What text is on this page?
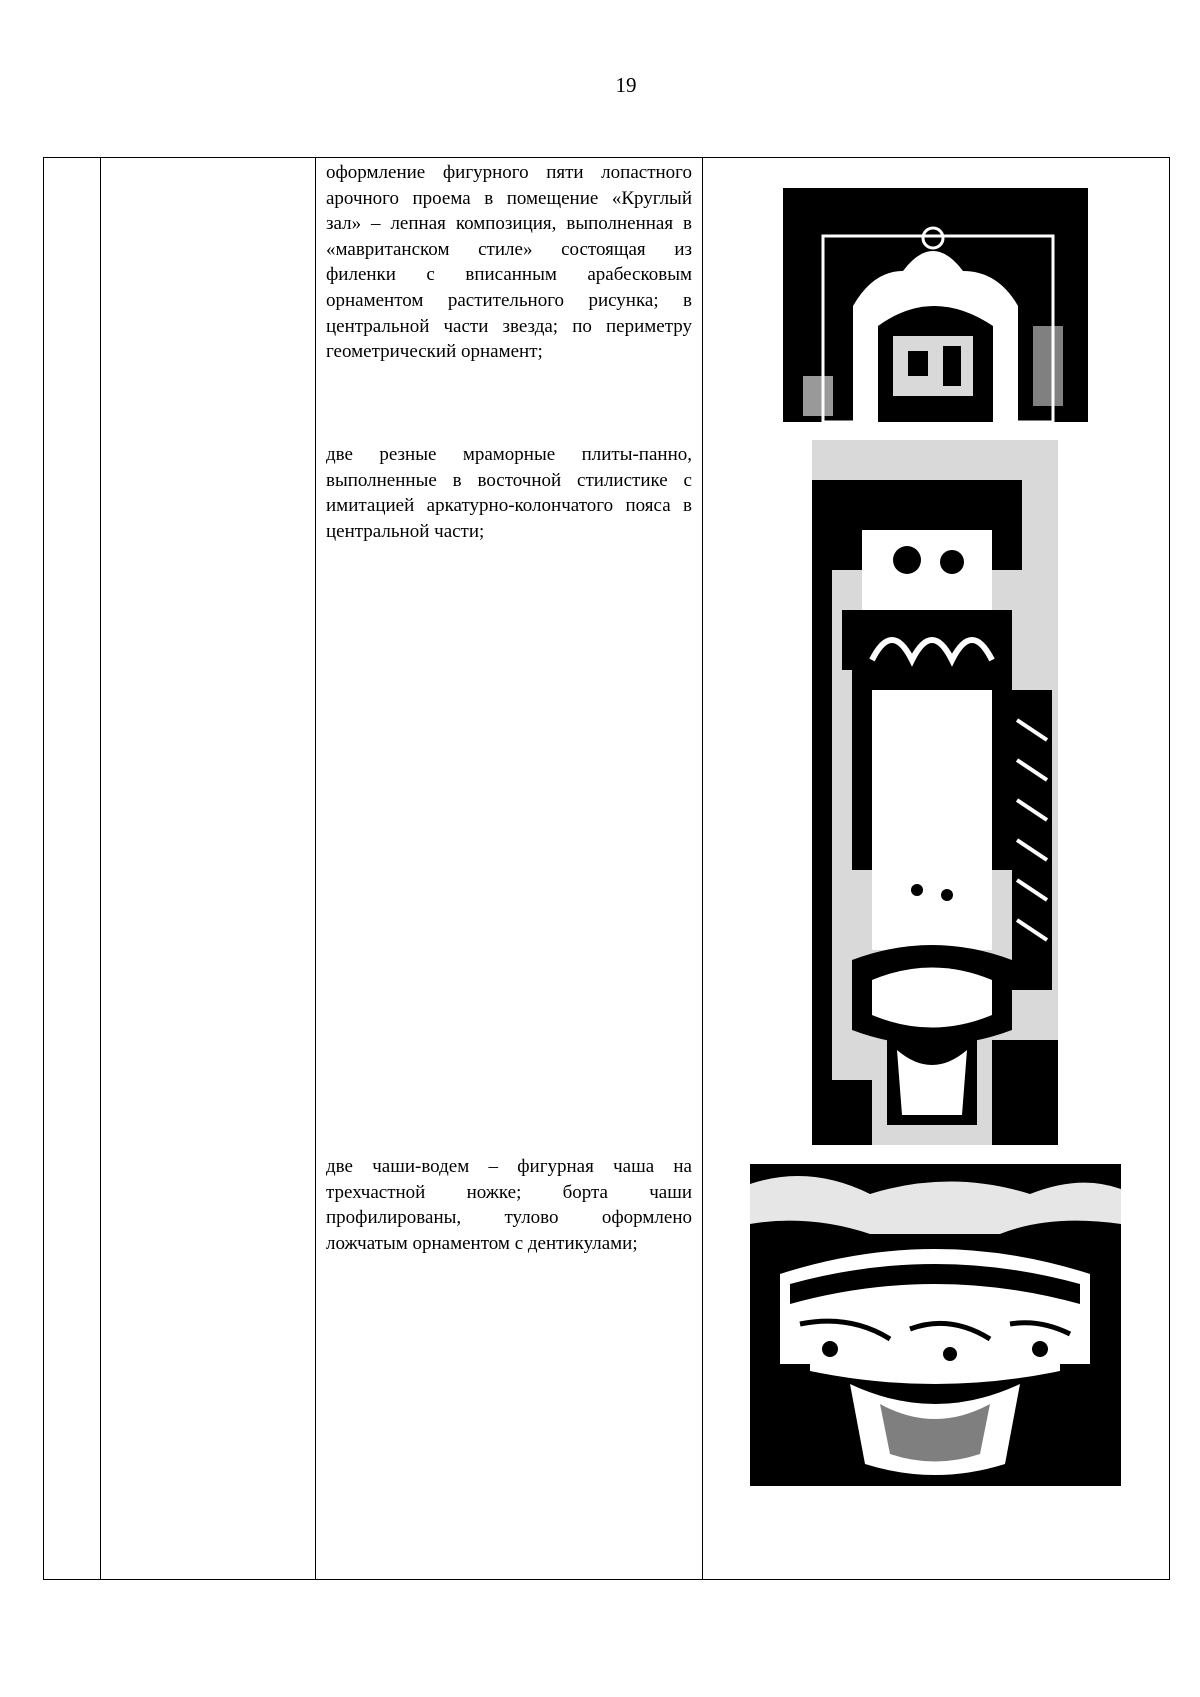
19

оформление фигурного пяти лопастного арочного проема в помещение «Круглый зал» – лепная композиция, выполненная в «мавританском стиле» состоящая из филенки с вписанным арабесковым орнаментом растительного рисунка; в центральной части звезда; по периметру геометрический орнамент;

две резные мраморные плиты-панно, выполненные в восточной стилистике с имитацией аркатурно-колончатого пояса в центральной части;

две чаши-водем – фигурная чаша на трехчастной ножке; борта чаши профилированы, тулово оформлено ложчатым орнаментом с дентикулами;
